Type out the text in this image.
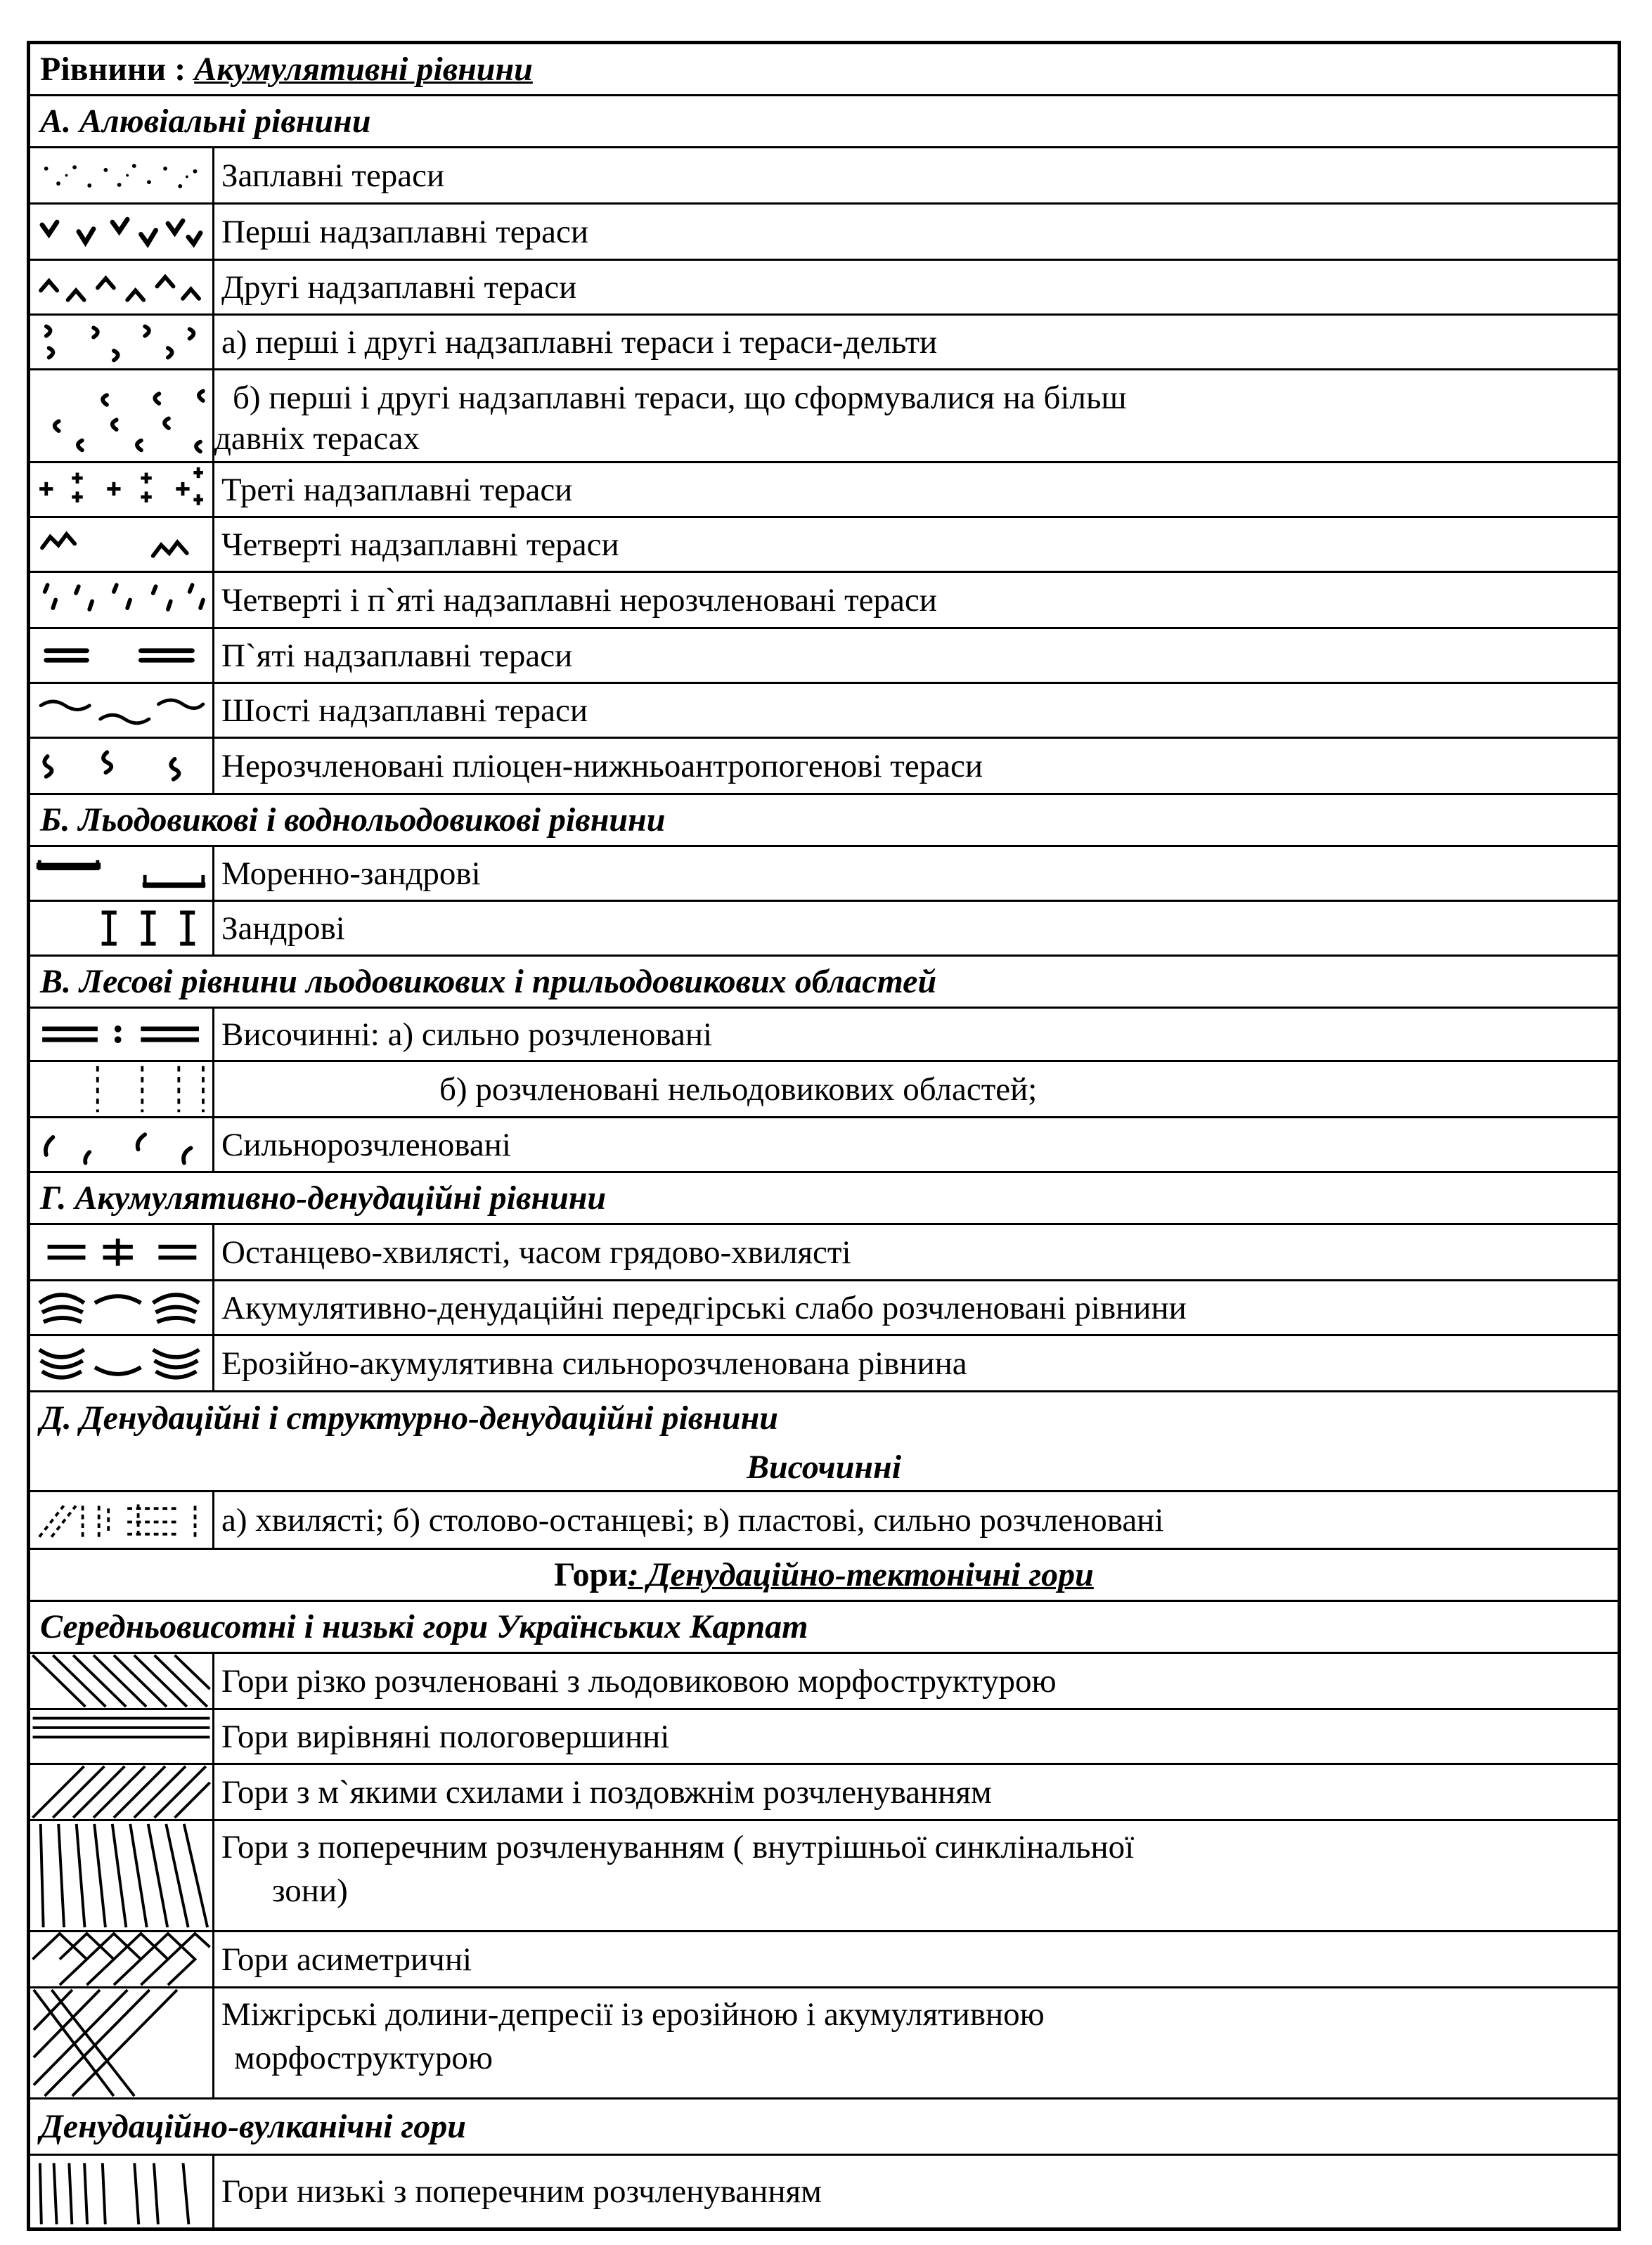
Рівнини :
Акумулятивні рівнини
А. Алювіальні рівнини
Заплавні тераси
Перші надзаплавні тераси
Другі надзаплавні тераси
а) перші і другі надзаплавні тераси і тераси-дельти
б) перші і другі надзаплавні тераси, що сформувалися на більш
давніх терасах
Треті надзаплавні тераси
Четверті надзаплавні тераси
Четверті і п`яті надзаплавні нерозчленовані тераси
П`яті надзаплавні тераси
Шості надзаплавні тераси
Нерозчленовані пліоцен-нижньоантропогенові тераси
Б. Льодовикові і воднольодовикові рівнини
Моренно-зандрові
Зандрові
В. Лесові рівнини льодовикових і прильодовикових областей
Височинні: а) сильно розчленовані
б) розчленовані нельодовикових областей;
Сильнорозчленовані
Г. Акумулятивно-денудаційні рівнини
Останцево-хвилясті, часом грядово-хвилясті
Акумулятивно-денудаційні передгірські слабо розчленовані рівнини
Ерозійно-акумулятивна сильнорозчленована рівнина
Д. Денудаційні і структурно-денудаційні рівнини
Височинні
а) хвилясті; б) столово-останцеві; в) пластові, сильно розчленовані
Гори : Денудаційно-тектонічні гори
Середньовисотні і низькі гори Українських Карпат
Гори різко розчленовані з льодовиковою морфоструктурою
Гори вирівняні пологовершинні
Гори з м`якими схилами і поздовжнім розчленуванням
Гори з поперечним розчленуванням ( внутрішньої синклінальної
зони)
Гори асиметричні
Міжгірські долини-депресії із ерозійною і акумулятивною
морфоструктурою
Денудаційно-вулканічні гори
Гори низькі з поперечним розчленуванням
